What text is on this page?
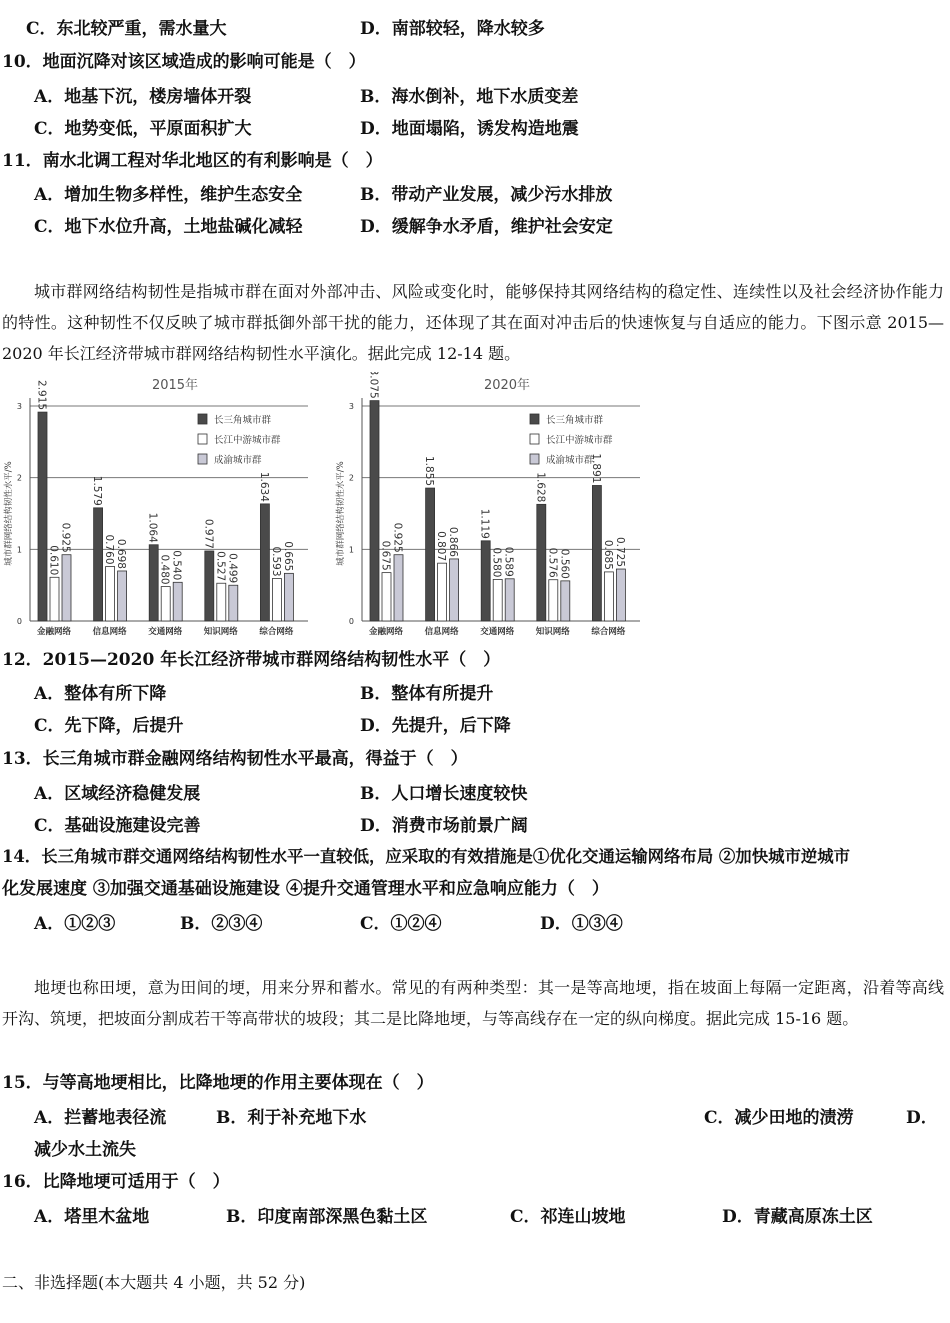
C．东北较严重，需水量大	D．南部较轻，降水较多
10．地面沉降对该区域造成的影响可能是（　）
A．地基下沉，楼房墙体开裂	B．海水倒补，地下水质变差
C．地势变低，平原面积扩大	D．地面塌陷，诱发构造地震
11．南水北调工程对华北地区的有利影响是（　）
A．增加生物多样性，维护生态安全	B．带动产业发展，减少污水排放
C．地下水位升高，土地盐碱化减轻	D．缓解争水矛盾，维护社会安定
城市群网络结构韧性是指城市群在面对外部冲击、风险或变化时，能够保持其网络结构的稳定性、连续性以及社会经济协作能力的特性。这种韧性不仅反映了城市群抵御外部干扰的能力，还体现了其在面对冲击后的快速恢复与自适应的能力。下图示意 2015—2020 年长江经济带城市群网络结构韧性水平演化。据此完成 12-14 题。
2015年
0
1
2
3
城市群网络结构韧性水平/%
2.915
0.610
0.925
金融网络
1.579
0.760 0.698
信息网络
1.064
0.480 0.540
交通网络
0.977
0.527 0.499
知识网络
1.634
0.593 0.665
综合网络
长三角城市群
长江中游城市群
成渝城市群
2020年
0
1
2
3
城市群网络结构韧性水平/%
3.075
0.675
0.925
金融网络
1.855
0.807 0.866
信息网络
1.119
0.580 0.589
交通网络
1.628
0.576 0.560
知识网络
1.891
0.685 0.725
综合网络
长三角城市群
长江中游城市群
成渝城市群
12．2015—2020 年长江经济带城市群网络结构韧性水平（　）
A．整体有所下降	B．整体有所提升
C．先下降，后提升	D．先提升，后下降
13．长三角城市群金融网络结构韧性水平最高，得益于（　）
A．区域经济稳健发展	B．人口增长速度较快
C．基础设施建设完善	D．消费市场前景广阔
14．长三角城市群交通网络结构韧性水平一直较低，应采取的有效措施是①优化交通运输网络布局 ②加快城市逆城市
化发展速度 ③加强交通基础设施建设 ④提升交通管理水平和应急响应能力（　）
A．①②③	B．②③④	C．①②④	D．①③④
地埂也称田埂，意为田间的埂，用来分界和蓄水。常见的有两种类型：其一是等高地埂，指在坡面上每隔一定距离，沿着等高线开沟、筑埂，把坡面分割成若干等高带状的坡段；其二是比降地埂，与等高线存在一定的纵向梯度。据此完成 15-16 题。
15．与等高地埂相比，比降地埂的作用主要体现在（　）
A．拦蓄地表径流	B．利于补充地下水	C．减少田地的渍涝	D．
减少水土流失
16．比降地埂可适用于（　）
A．塔里木盆地	B．印度南部深黑色黏土区	C．祁连山坡地	D．青藏高原冻土区
二、非选择题(本大题共 4 小题，共 52 分)
